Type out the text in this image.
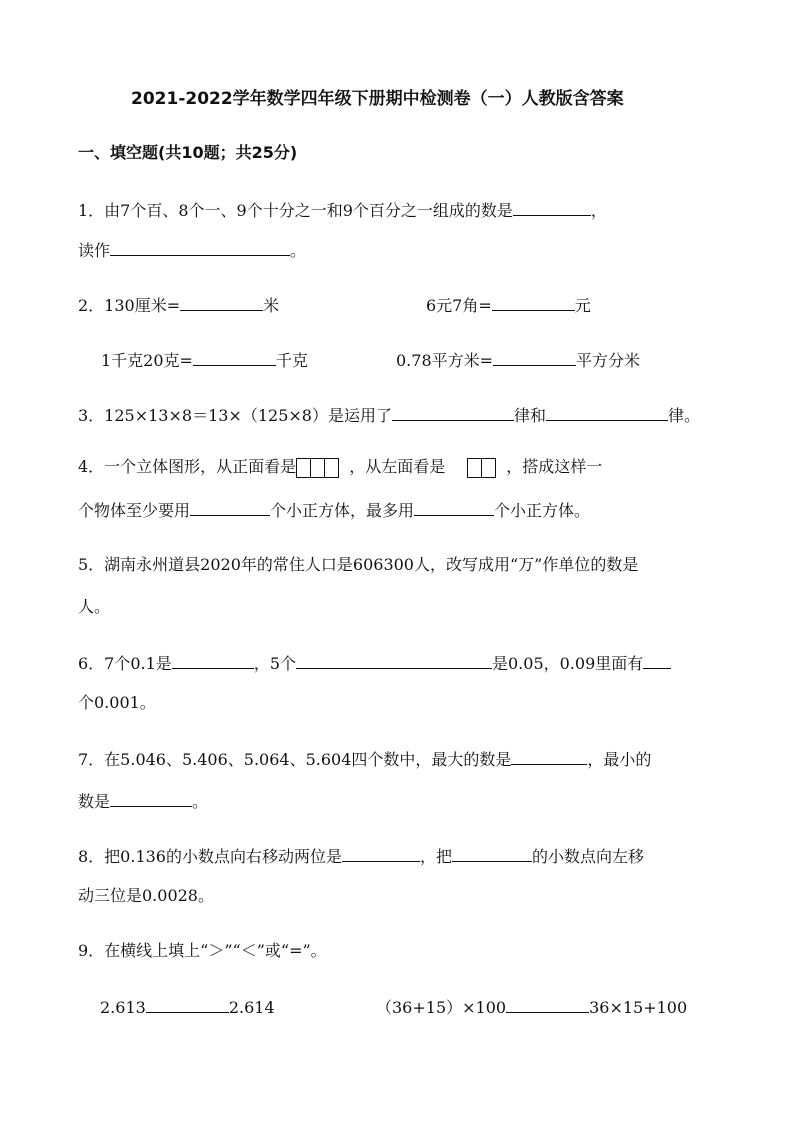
2021-2022学年数学四年级下册期中检测卷（一）人教版含答案
一、填空题(共10题；共25分)
1．由7个百、8个一、9个十分之一和9个百分之一组成的数是	，
读作	。
2．130厘米=	米	6元7角=	元
1千克20克=	千克	0.78平方米=	平方分米
3．125×13×8＝13×（125×8）是运用了	律和	律。
4．一个立体图形，从正面看是	，从左面看是	，搭成这样一
个物体至少要用	个小正方体，最多用	个小正方体。
5．湖南永州道县2020年的常住人口是606300人，改写成用“万”作单位的数是
人。
6．7个0.1是	，5个	是0.05，0.09里面有
个0.001。
7．在5.046、5.406、5.064、5.604四个数中，最大的数是	，最小的
数是	。
8．把0.136的小数点向右移动两位是	，把	的小数点向左移
动三位是0.0028。
9．在横线上填上“＞”“＜”或“=”。
2.613	2.614	（36+15）×100	36×15+100
